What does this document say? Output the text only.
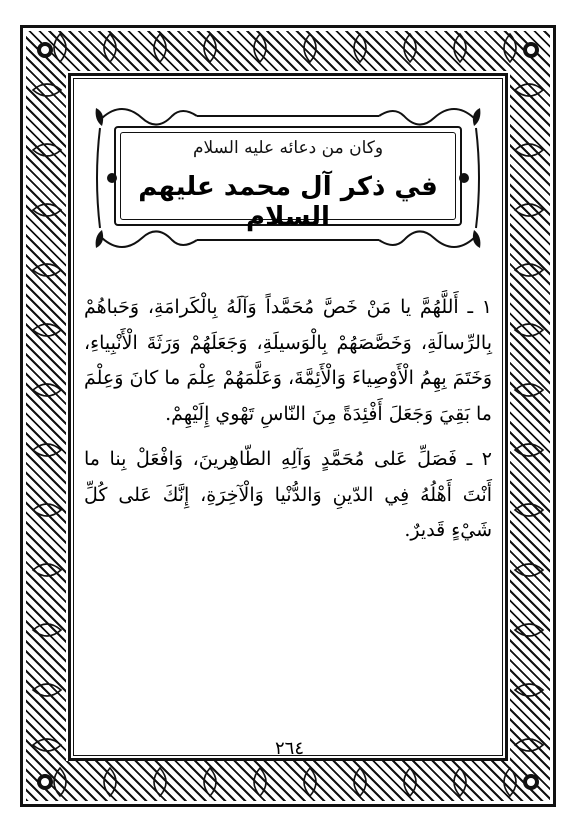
وكان من دعائه عليه السلام
في ذكر آل محمد عليهم السلام

١ ـ أَللَّهُمَّ يا مَنْ خَصَّ مُحَمَّداً وَآلَهُ بِالْكَرامَةِ، وَحَباهُمْ بِالرِّسالَةِ، وَخَصَّصَهُمْ بِالْوَسيلَةِ، وَجَعَلَهُمْ وَرَثَةَ الْأَنْبِياءِ، وَخَتَمَ بِهِمُ الْأَوْصِياءَ وَالْأَئِمَّةَ، وَعَلَّمَهُمْ عِلْمَ ما كانَ وَعِلْمَ ما بَقِيَ وَجَعَلَ أَفْئِدَةً مِنَ النّاسِ تَهْوي إِلَيْهِمْ.

٢ ـ فَصَلِّ عَلى مُحَمَّدٍ وَآلِهِ الطّاهِرينَ، وَافْعَلْ بِنا ما أَنْتَ أَهْلُهُ فِي الدّينِ وَالدُّنْيا وَالْآخِرَةِ، إِنَّكَ عَلى كُلِّ شَيْءٍ قَديرٌ.

٢٦٤
